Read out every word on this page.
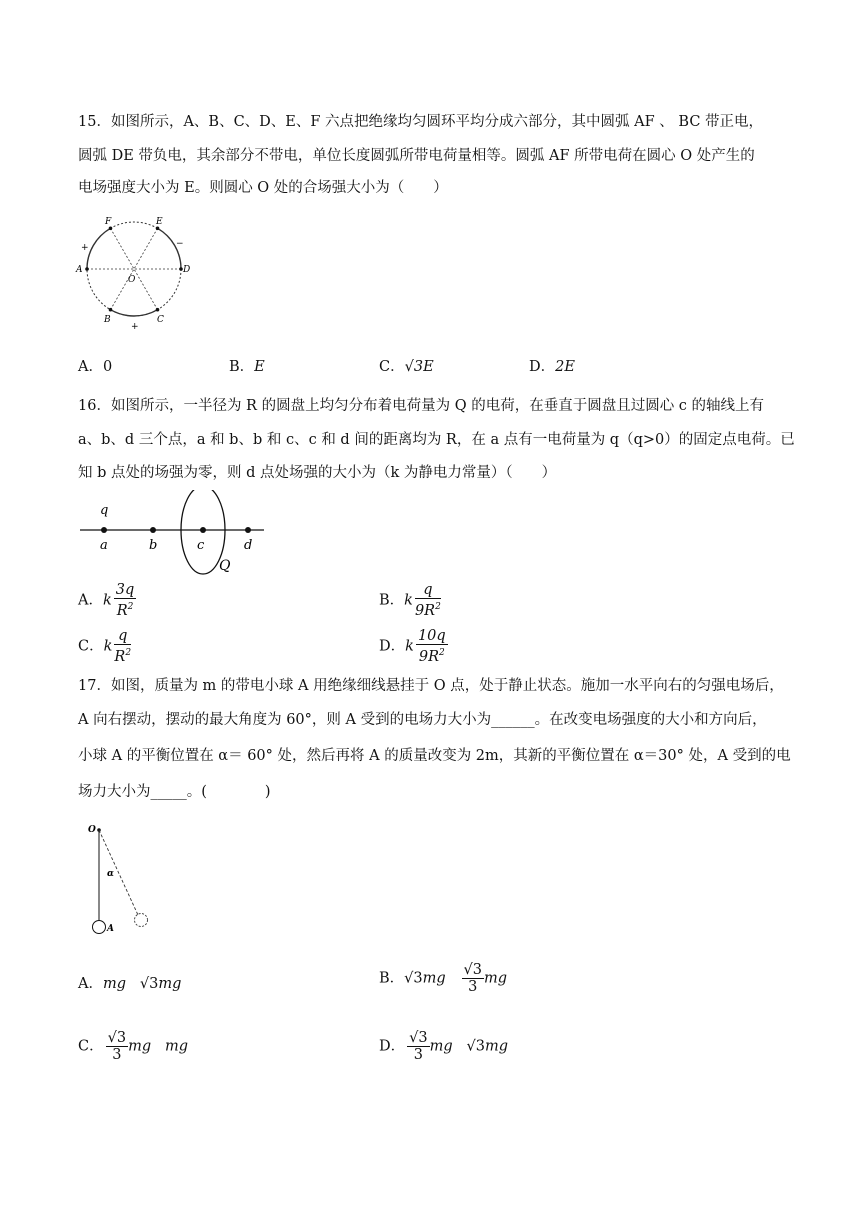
15．如图所示，A、B、C、D、E、F 六点把绝缘均匀圆环平均分成六部分，其中圆弧 AF 、 BC 带正电，
圆弧 DE 带负电，其余部分不带电，单位长度圆弧所带电荷量相等。圆弧 AF 所带电荷在圆心 O 处产生的
电场强度大小为 E。则圆心 O 处的合场强大小为（　　）
F	E
A	D
B	C
O
+	−
+
A．0	B．E	C．√3E	D．2E
16．如图所示，一半径为 R 的圆盘上均匀分布着电荷量为 Q 的电荷，在垂直于圆盘且过圆心 c 的轴线上有
a、b、d 三个点，a 和 b、b 和 c、c 和 d 间的距离均为 R，在 a 点有一电荷量为 q（q>0）的固定点电荷。已
知 b 点处的场强为零，则 d 点处场强的大小为（k 为静电力常量）（　　）
q
a	b	c	d
Q
A．k $\frac{3q}{R^2}$	B．k $\frac{q}{9R^2}$
C．k $\frac{q}{R^2}$	D．k $\frac{10q}{9R^2}$
17．如图，质量为 m 的带电小球 A 用绝缘细线悬挂于 O 点，处于静止状态。施加一水平向右的匀强电场后，
A 向右摆动，摆动的最大角度为 60°，则 A 受到的电场力大小为______。在改变电场强度的大小和方向后，
小球 A 的平衡位置在 α＝ 60° 处，然后再将 A 的质量改变为 2m，其新的平衡位置在 α＝30° 处，A 受到的电
场力大小为_____。(　　　　)
O
α
A
A．mg √3mg	B．$√3mg \frac{√3}{3}$ mg
C． $\frac{√3}{3}$ mg mg	D． $\frac{√3}{3}$ mg √3mg
